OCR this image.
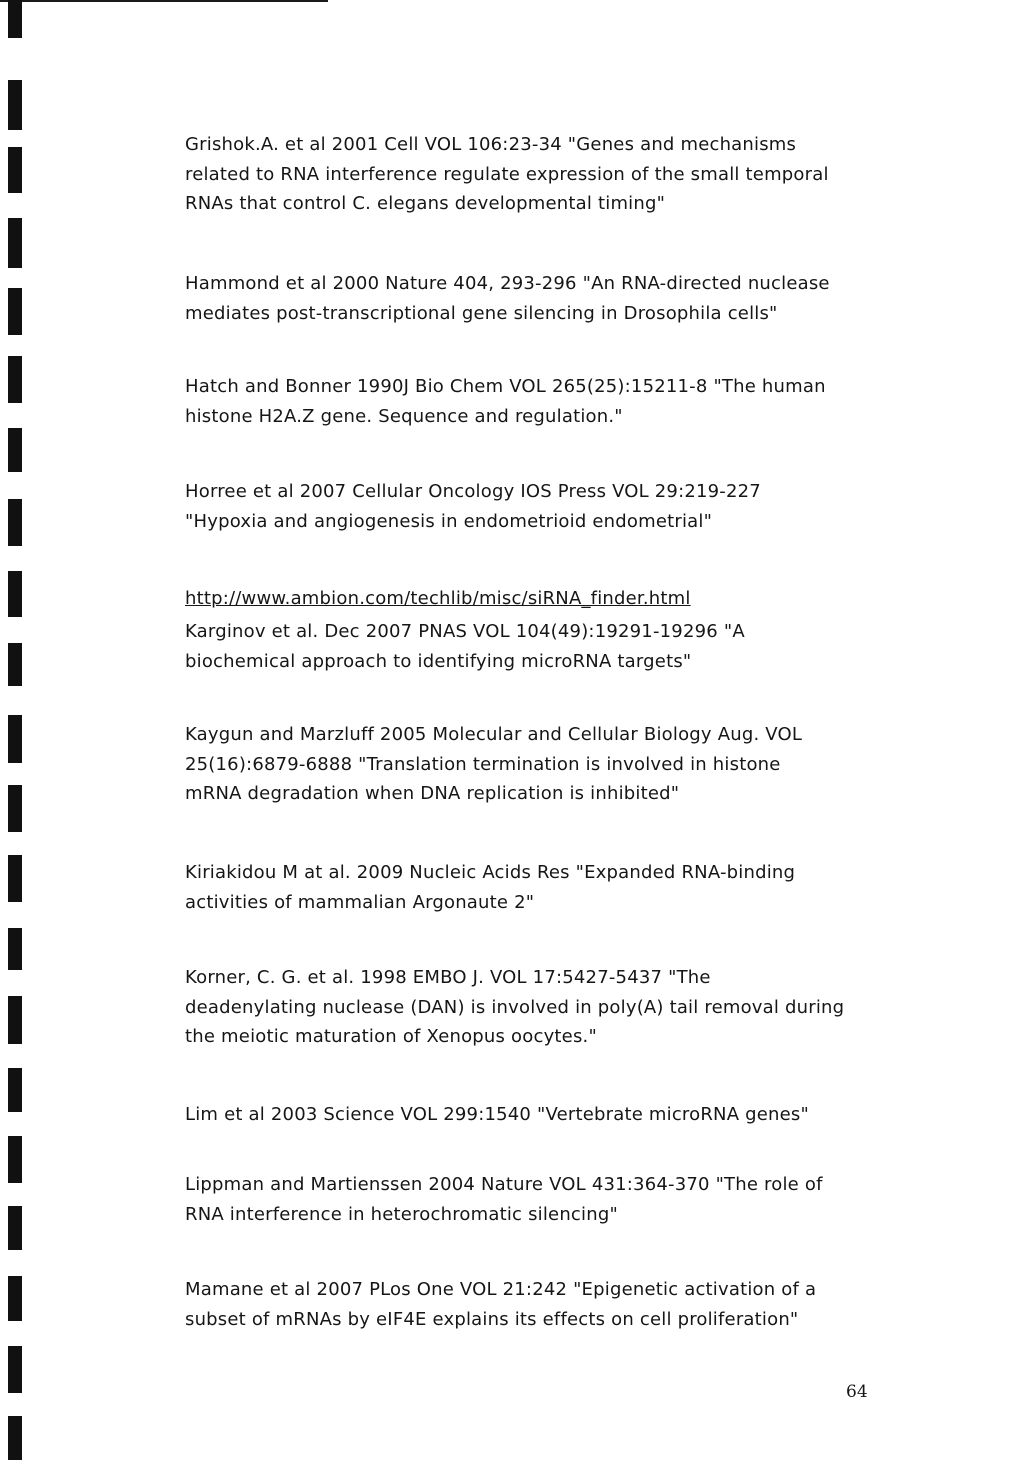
Grishok.A. et al 2001 Cell VOL 106:23-34 "Genes and mechanisms
related to RNA interference regulate expression of the small temporal
RNAs that control C. elegans developmental timing"
Hammond et al 2000 Nature 404, 293-296 "An RNA-directed nuclease
mediates post-transcriptional gene silencing in Drosophila cells"
Hatch and Bonner 1990J Bio Chem VOL 265(25):15211-8 "The human
histone H2A.Z gene. Sequence and regulation."
Horree et al 2007 Cellular Oncology IOS Press VOL 29:219-227
"Hypoxia and angiogenesis in endometrioid endometrial"
http://www.ambion.com/techlib/misc/siRNA_finder.html
Karginov et al. Dec 2007 PNAS VOL 104(49):19291-19296 "A
biochemical approach to identifying microRNA targets"
Kaygun and Marzluff 2005 Molecular and Cellular Biology Aug. VOL
25(16):6879-6888 "Translation termination is involved in histone
mRNA degradation when DNA replication is inhibited"
Kiriakidou M at al. 2009 Nucleic Acids Res "Expanded RNA-binding
activities of mammalian Argonaute 2"
Korner, C. G. et al. 1998 EMBO J. VOL 17:5427-5437 "The
deadenylating nuclease (DAN) is involved in poly(A) tail removal during
the meiotic maturation of Xenopus oocytes."
Lim et al 2003 Science VOL 299:1540 "Vertebrate microRNA genes"
Lippman and Martienssen 2004 Nature VOL 431:364-370 "The role of
RNA interference in heterochromatic silencing"
Mamane et al 2007 PLos One VOL 21:242 "Epigenetic activation of a
subset of mRNAs by eIF4E explains its effects on cell proliferation"
64
